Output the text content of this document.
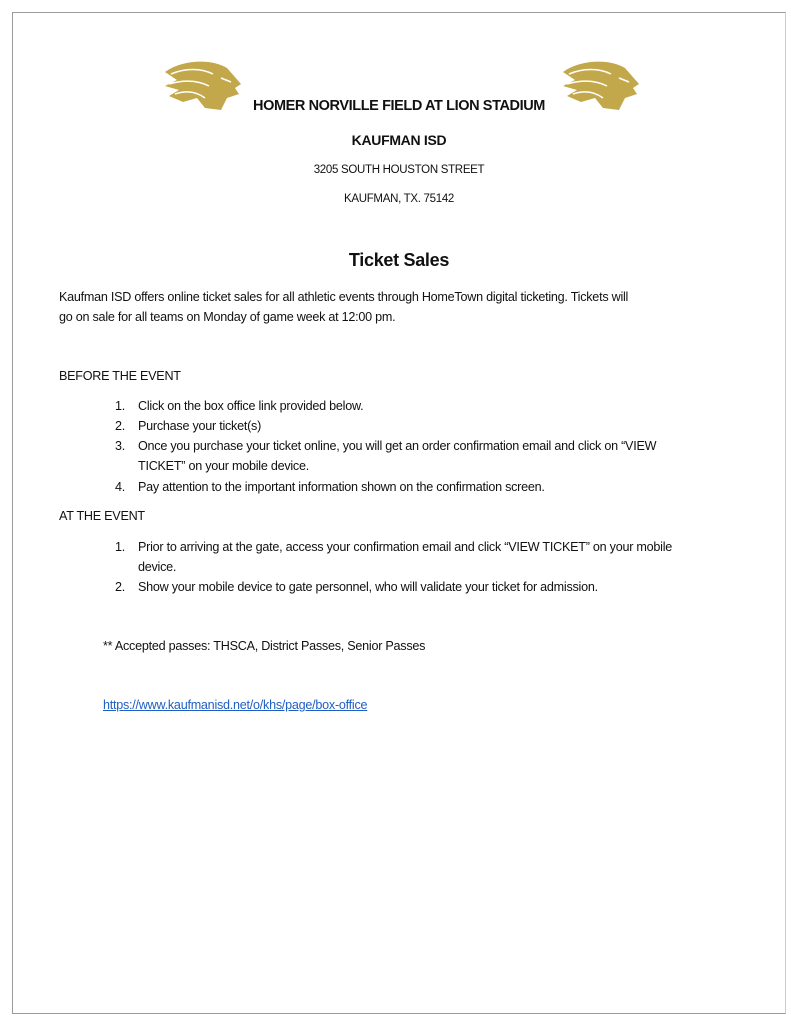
HOMER NORVILLE FIELD AT LION STADIUM
KAUFMAN ISD
3205 SOUTH HOUSTON STREET
KAUFMAN, TX. 75142
Ticket Sales
Kaufman ISD offers online ticket sales for all athletic events through HomeTown digital ticketing. Tickets will
go on sale for all teams on Monday of game week at 12:00 pm.
BEFORE THE EVENT
1. Click on the box office link provided below.
2. Purchase your ticket(s)
3. Once you purchase your ticket online, you will get an order confirmation email and click on “VIEW
TICKET” on your mobile device.
4. Pay attention to the important information shown on the confirmation screen.
AT THE EVENT
1. Prior to arriving at the gate, access your confirmation email and click “VIEW TICKET” on your mobile
device.
2. Show your mobile device to gate personnel, who will validate your ticket for admission.
** Accepted passes: THSCA, District Passes, Senior Passes
https://www.kaufmanisd.net/o/khs/page/box-office
